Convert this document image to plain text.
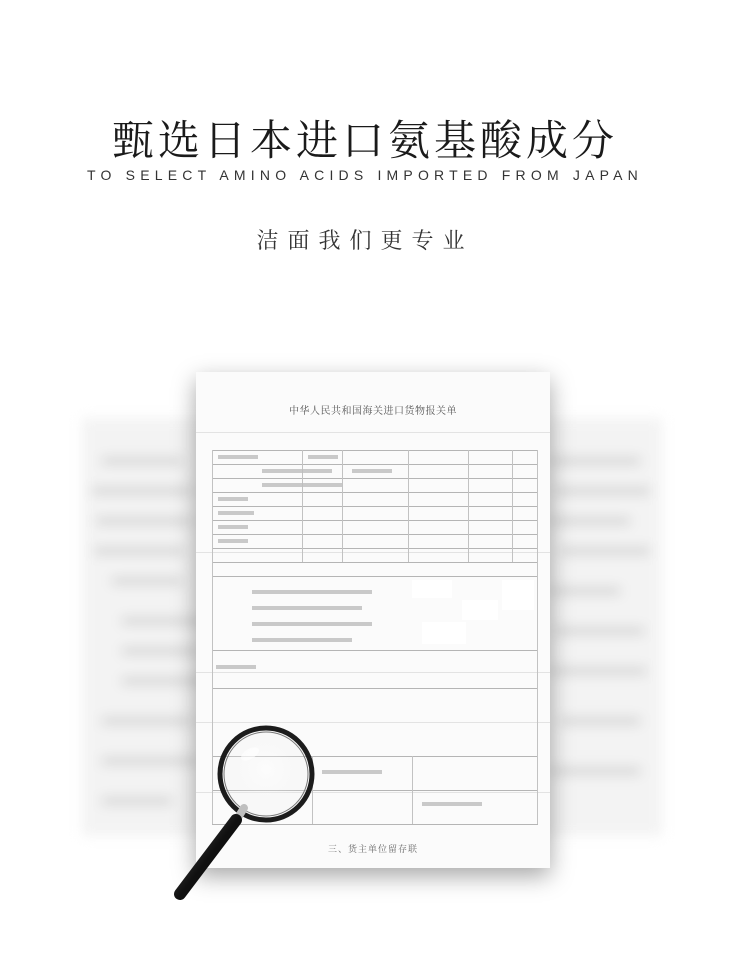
甄选日本进口氨基酸成分
TO SELECT AMINO ACIDS IMPORTED FROM JAPAN
洁面我们更专业
中华人民共和国海关进口货物报关单
三、货主单位留存联
